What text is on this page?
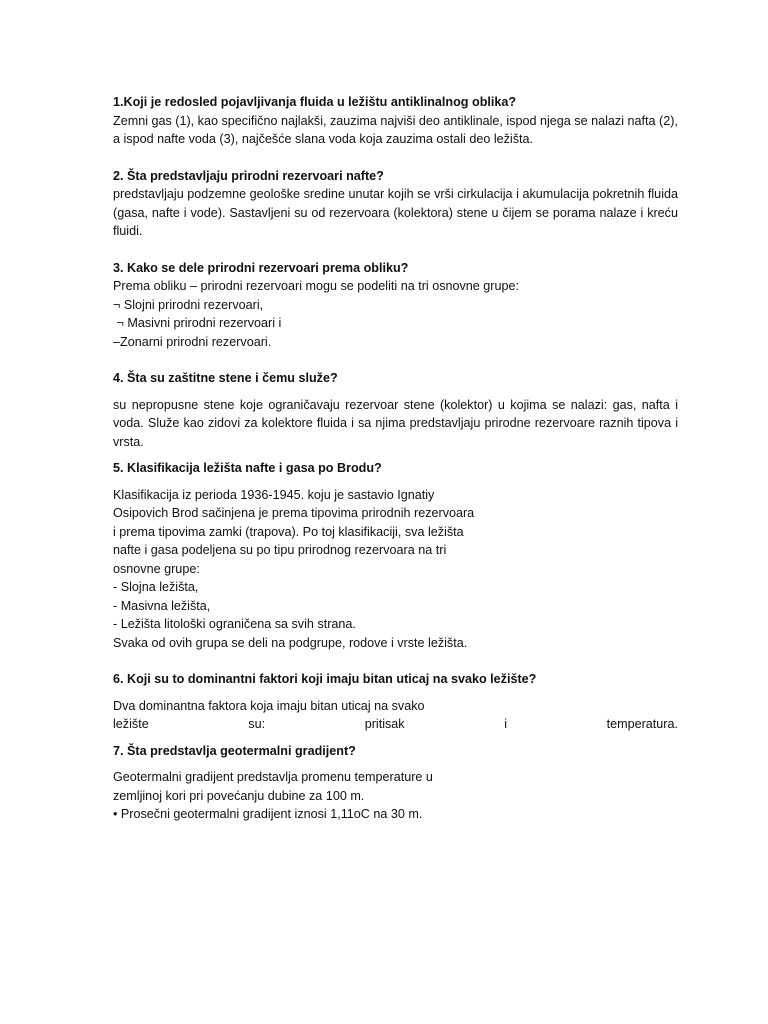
1.Koji je redosled pojavljivanja fluida u ležištu antiklinalnog oblika?

Zemni gas (1), kao specifično najlakši, zauzima najviši deo antiklinale, ispod njega se nalazi nafta (2),

a ispod nafte voda (3), najčešće slana voda koja zauzima ostali deo ležišta.

2. Šta predstavljaju prirodni rezervoari nafte?

predstavljaju podzemne geološke sredine unutar kojih se vrši cirkulacija i akumulacija pokretnih fluida (gasa, nafte i vode). Sastavljeni su od rezervoara (kolektora) stene u čijem se porama nalaze i kreću fluidi.

3. Kako se dele prirodni rezervoari prema obliku?

Prema obliku – prirodni rezervoari mogu se podeliti na tri osnovne grupe:

¬ Slojni prirodni rezervoari,

¬ Masivni prirodni rezervoari i

–Zonarni prirodni rezervoari.

4. Šta su zaštitne stene i čemu služe?

su nepropusne stene koje ograničavaju rezervoar stene (kolektor) u kojima se nalazi: gas, nafta i voda. Služe kao zidovi za kolektore fluida i sa njima predstavljaju prirodne rezervoare raznih tipova i vrsta.

5. Klasifikacija ležišta nafte i gasa po Brodu?

Klasifikacija iz perioda 1936-1945. koju je sastavio Ignatiy

Osipovich Brod sačinjena je prema tipovima prirodnih rezervoara

i prema tipovima zamki (trapova). Po toj klasifikaciji, sva ležišta

nafte i gasa podeljena su po tipu prirodnog rezervoara na tri

osnovne grupe:

- Slojna ležišta,

- Masivna ležišta,

- Ležišta litološki ograničena sa svih strana.

Svaka od ovih grupa se deli na podgrupe, rodove i vrste ležišta.

6. Koji su to dominantni faktori koji imaju bitan uticaj na svako ležište?

Dva dominantna faktora koja imaju bitan uticaj na svako

ležište	su:	pritisak	i	temperatura.

7. Šta predstavlja geotermalni gradijent?

Geotermalni gradijent predstavlja promenu temperature u

zemljinoj kori pri povećanju dubine za 100 m.

• Prosečni geotermalni gradijent iznosi 1,11oC na 30 m.
